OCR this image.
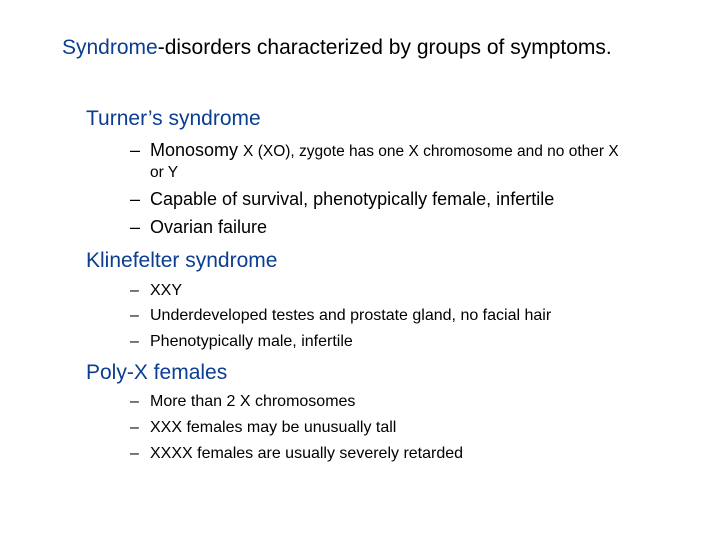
Syndrome-disorders characterized by groups of symptoms.
Turner’s syndrome
– Monosomy X (XO), zygote has one X chromosome and no other X
or Y
– Capable of survival, phenotypically female, infertile
– Ovarian failure
Klinefelter syndrome
– XXY
– Underdeveloped testes and prostate gland, no facial hair
– Phenotypically male, infertile
Poly-X females
– More than 2 X chromosomes
– XXX females may be unusually tall
– XXXX females are usually severely retarded
